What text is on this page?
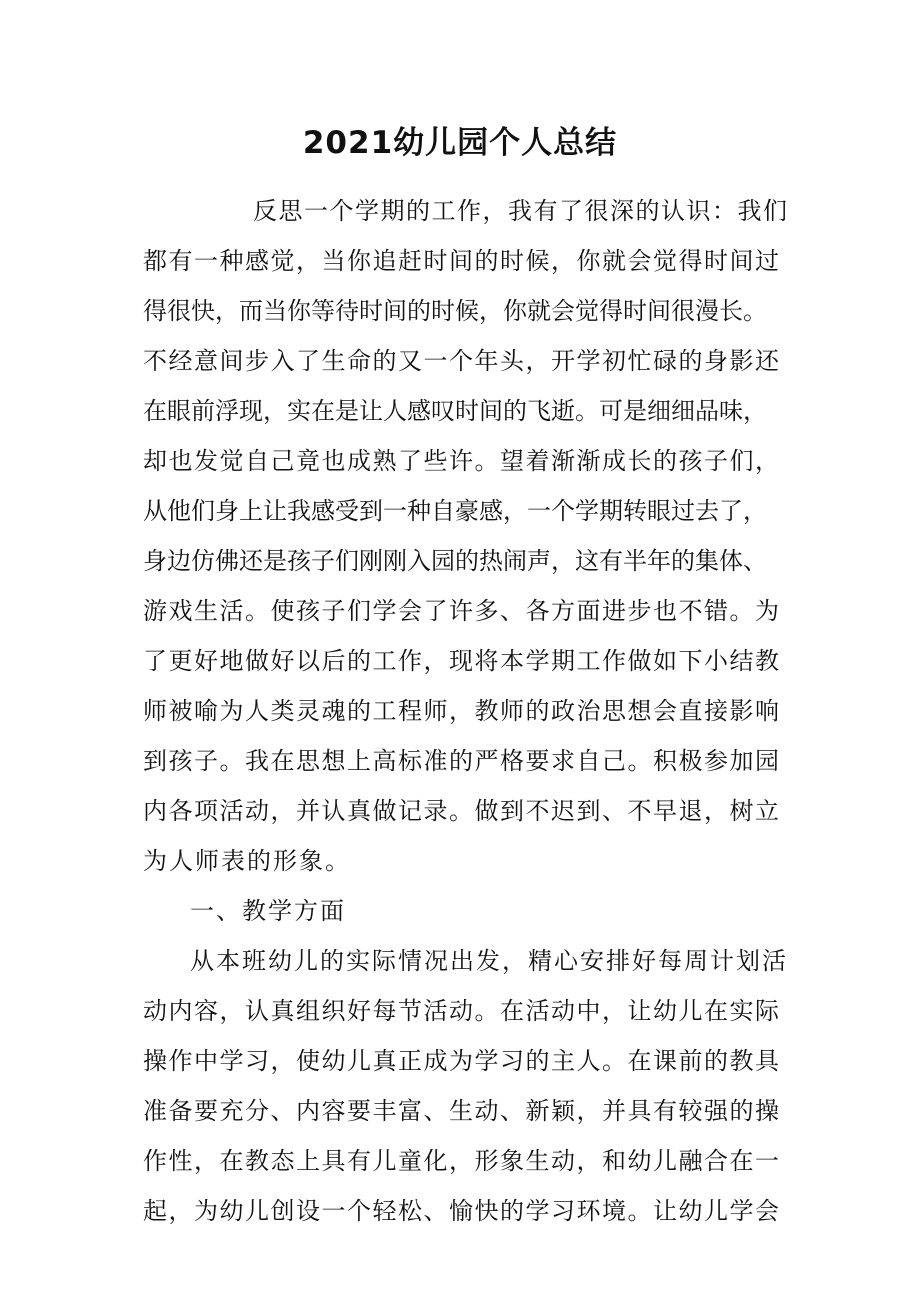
2021幼儿园个人总结
反思一个学期的工作，我有了很深的认识：我们
都有一种感觉，当你追赶时间的时候，你就会觉得时间过
得很快，而当你等待时间的时候，你就会觉得时间很漫长。
不经意间步入了生命的又一个年头，开学初忙碌的身影还
在眼前浮现，实在是让人感叹时间的飞逝。可是细细品味，
却也发觉自己竟也成熟了些许。望着渐渐成长的孩子们，
从他们身上让我感受到一种自豪感，一个学期转眼过去了，
身边仿佛还是孩子们刚刚入园的热闹声，这有半年的集体、
游戏生活。使孩子们学会了许多、各方面进步也不错。为
了更好地做好以后的工作，现将本学期工作做如下小结教
师被喻为人类灵魂的工程师，教师的政治思想会直接影响
到孩子。我在思想上高标准的严格要求自己。积极参加园
内各项活动，并认真做记录。做到不迟到、不早退，树立
为人师表的形象。
一、教学方面
从本班幼儿的实际情况出发，精心安排好每周计划活
动内容，认真组织好每节活动。在活动中，让幼儿在实际
操作中学习，使幼儿真正成为学习的主人。在课前的教具
准备要充分、内容要丰富、生动、新颖，并具有较强的操
作性，在教态上具有儿童化，形象生动，和幼儿融合在一
起，为幼儿创设一个轻松、愉快的学习环境。让幼儿学会
